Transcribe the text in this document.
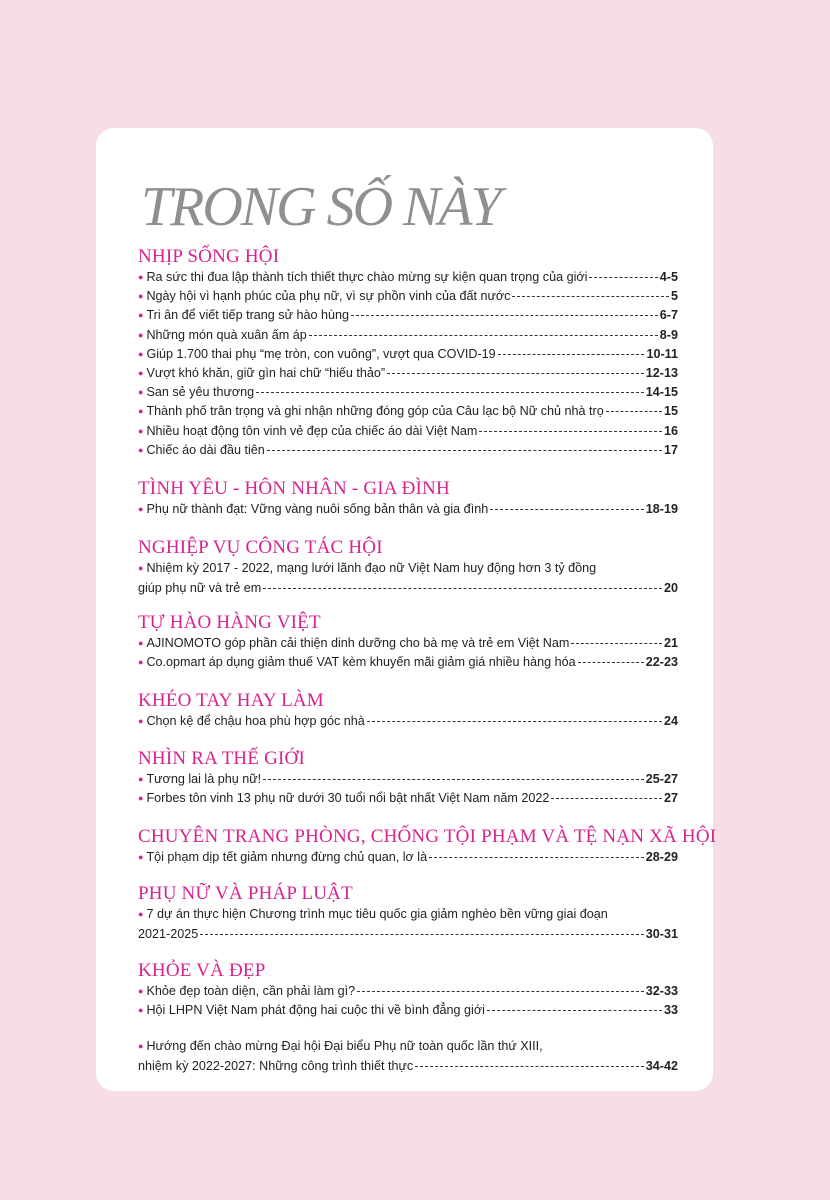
TRONG SỐ NÀY
NHỊP SỐNG HỘI
● Ra sức thi đua lập thành tích thiết thực chào mừng sự kiện quan trọng của giới	4-5
● Ngày hội vì hạnh phúc của phụ nữ, vì sự phồn vinh của đất nước	5
● Tri ân để viết tiếp trang sử hào hùng	6-7
● Những món quà xuân ấm áp	8-9
● Giúp 1.700 thai phụ “mẹ tròn, con vuông”, vượt qua COVID-19	10-11
● Vượt khó khăn, giữ gìn hai chữ “hiếu thảo”	12-13
● San sẻ yêu thương	14-15
● Thành phố trân trọng và ghi nhận những đóng góp của Câu lạc bộ Nữ chủ nhà trọ	15
● Nhiều hoạt động tôn vinh vẻ đẹp của chiếc áo dài Việt Nam	16
● Chiếc áo dài đầu tiên	17
TÌNH YÊU - HÔN NHÂN - GIA ĐÌNH
● Phụ nữ thành đạt: Vững vàng nuôi sống bản thân và gia đình	18-19
NGHIỆP VỤ CÔNG TÁC HỘI
● Nhiệm kỳ 2017 - 2022, mạng lưới lãnh đạo nữ Việt Nam huy động hơn 3 tỷ đồng
giúp phụ nữ và trẻ em	20
TỰ HÀO HÀNG VIỆT
● AJINOMOTO góp phần cải thiện dinh dưỡng cho bà mẹ và trẻ em Việt Nam	21
● Co.opmart áp dụng giảm thuế VAT kèm khuyến mãi giảm giá nhiều hàng hóa	22-23
KHÉO TAY HAY LÀM
● Chọn kệ để chậu hoa phù hợp góc nhà	24
NHÌN RA THẾ GIỚI
● Tương lai là phụ nữ!	25-27
● Forbes tôn vinh 13 phụ nữ dưới 30 tuổi nổi bật nhất Việt Nam năm 2022	27
CHUYÊN TRANG PHÒNG, CHỐNG TỘI PHẠM VÀ TỆ NẠN XÃ HỘI
● Tội phạm dịp tết giảm nhưng đừng chủ quan, lơ là	28-29
PHỤ NỮ VÀ PHÁP LUẬT
● 7 dự án thực hiện Chương trình mục tiêu quốc gia giảm nghèo bền vững giai đoạn
2021-2025	30-31
KHỎE VÀ ĐẸP
● Khỏe đẹp toàn diện, cần phải làm gì?	32-33
● Hội LHPN Việt Nam phát động hai cuộc thi về bình đẳng giới	33
● Hướng đến chào mừng Đại hội Đại biểu Phụ nữ toàn quốc lần thứ XIII,
nhiệm kỳ 2022-2027: Những công trình thiết thực	34-42
